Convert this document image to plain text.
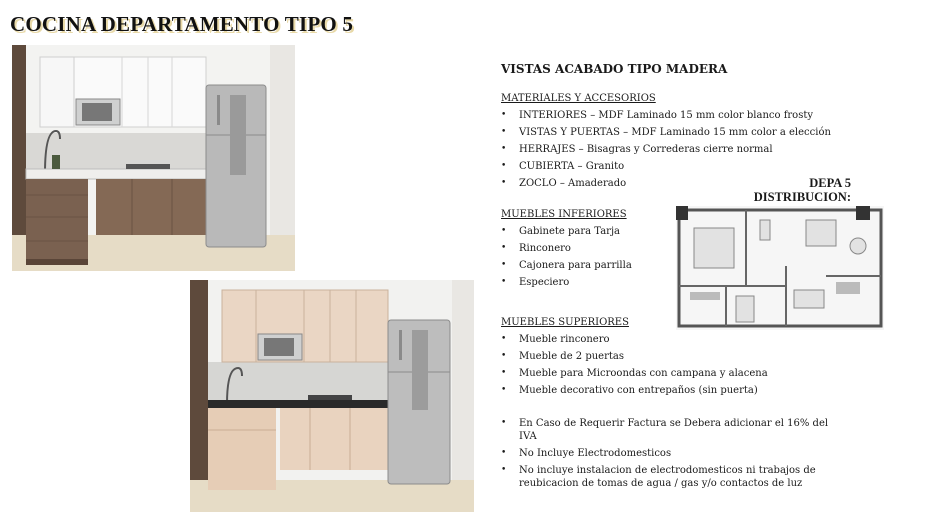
COCINA DEPARTAMENTO TIPO 5
VISTAS ACABADO TIPO MADERA
MATERIALES Y ACCESORIOS
• INTERIORES – MDF Laminado 15 mm color blanco frosty
• VISTAS Y PUERTAS – MDF Laminado 15 mm color a elección
• HERRAJES – Bisagras y Correderas cierre normal
• CUBIERTA – Granito
• ZOCLO – Amaderado
MUEBLES INFERIORES
• Gabinete para Tarja
• Rinconero
• Cajonera para parrilla
• Especiero
MUEBLES SUPERIORES
• Mueble rinconero
• Mueble de 2 puertas
• Mueble para Microondas con campana y alacena
• Mueble decorativo con entrepaños (sin puerta)
• En Caso de Requerir Factura se Debera adicionar el 16% del IVA
• No Incluye Electrodomesticos
• No incluye instalacion de electrodomesticos ni trabajos de reubicacion de tomas de agua / gas y/o contactos de luz
DEPA 5
DISTRIBUCION:
